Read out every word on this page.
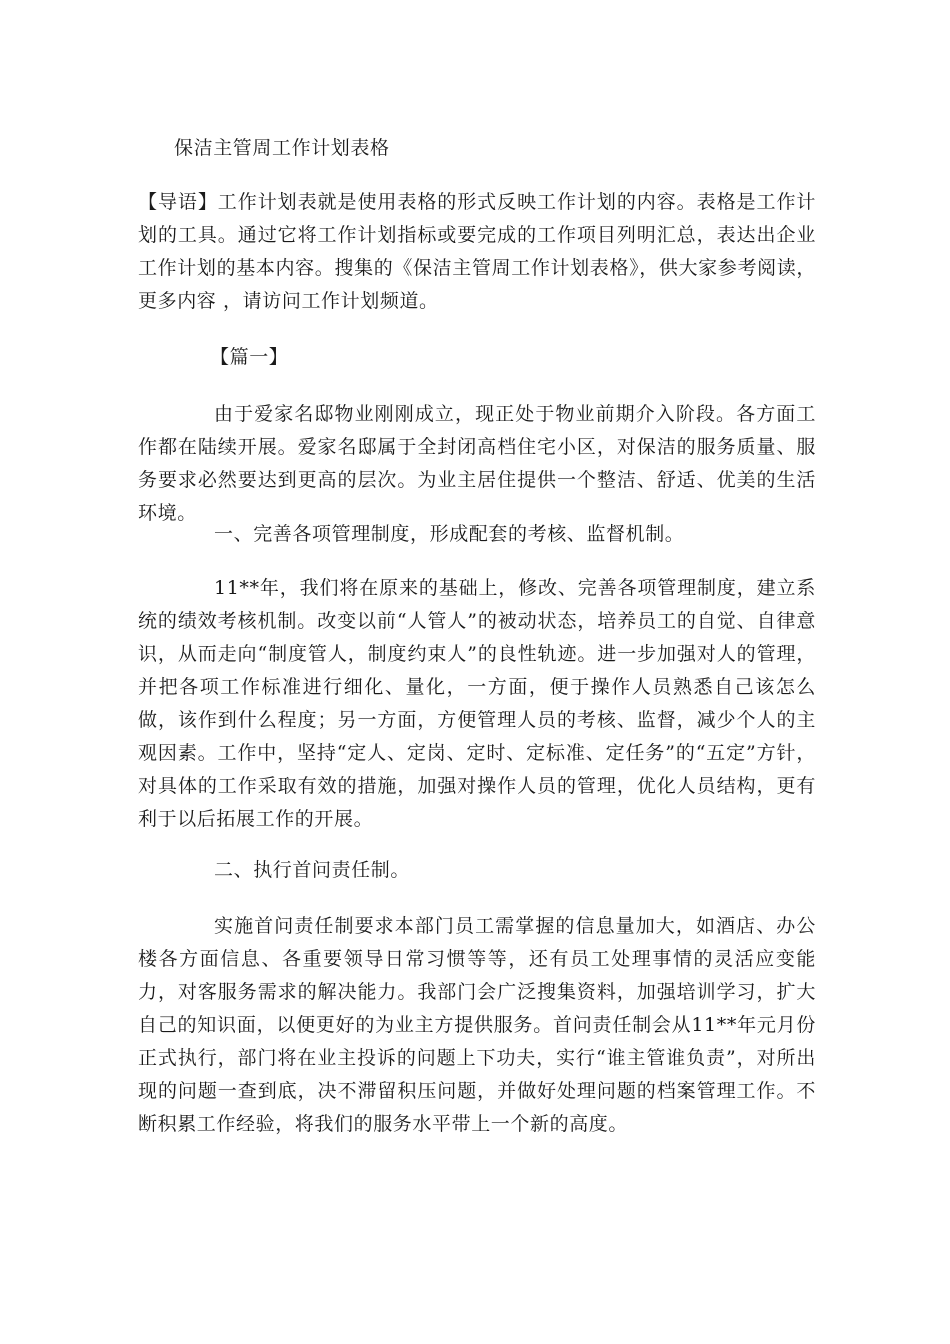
保洁主管周工作计划表格

【导语】工作计划表就是使用表格的形式反映工作计划的内容。表格是工作计划的工具。通过它将工作计划指标或要完成的工作项目列明汇总，表达出企业工作计划的基本内容。搜集的《保洁主管周工作计划表格》，供大家参考阅读，更多内容 ，请访问工作计划频道。

【篇一】

由于爱家名邸物业刚刚成立，现正处于物业前期介入阶段。各方面工作都在陆续开展。爱家名邸属于全封闭高档住宅小区，对保洁的服务质量、服务要求必然要达到更高的层次。为业主居住提供一个整洁、舒适、优美的生活环境。

一、完善各项管理制度，形成配套的考核、监督机制。

11**年，我们将在原来的基础上，修改、完善各项管理制度，建立系统的绩效考核机制。改变以前“人管人”的被动状态，培养员工的自觉、自律意识，从而走向“制度管人，制度约束人”的良性轨迹。进一步加强对人的管理，并把各项工作标准进行细化、量化，一方面，便于操作人员熟悉自己该怎么做，该作到什么程度；另一方面，方便管理人员的考核、监督，减少个人的主观因素。工作中，坚持“定人、定岗、定时、定标准、定任务”的“五定”方针，对具体的工作采取有效的措施，加强对操作人员的管理，优化人员结构，更有利于以后拓展工作的开展。

二、执行首问责任制。

实施首问责任制要求本部门员工需掌握的信息量加大，如酒店、办公楼各方面信息、各重要领导日常习惯等等，还有员工处理事情的灵活应变能力，对客服务需求的解决能力。我部门会广泛搜集资料，加强培训学习，扩大自己的知识面，以便更好的为业主方提供服务。首问责任制会从11**年元月份正式执行，部门将在业主投诉的问题上下功夫，实行“谁主管谁负责”，对所出现的问题一查到底，决不滞留积压问题，并做好处理问题的档案管理工作。不断积累工作经验，将我们的服务水平带上一个新的高度。
